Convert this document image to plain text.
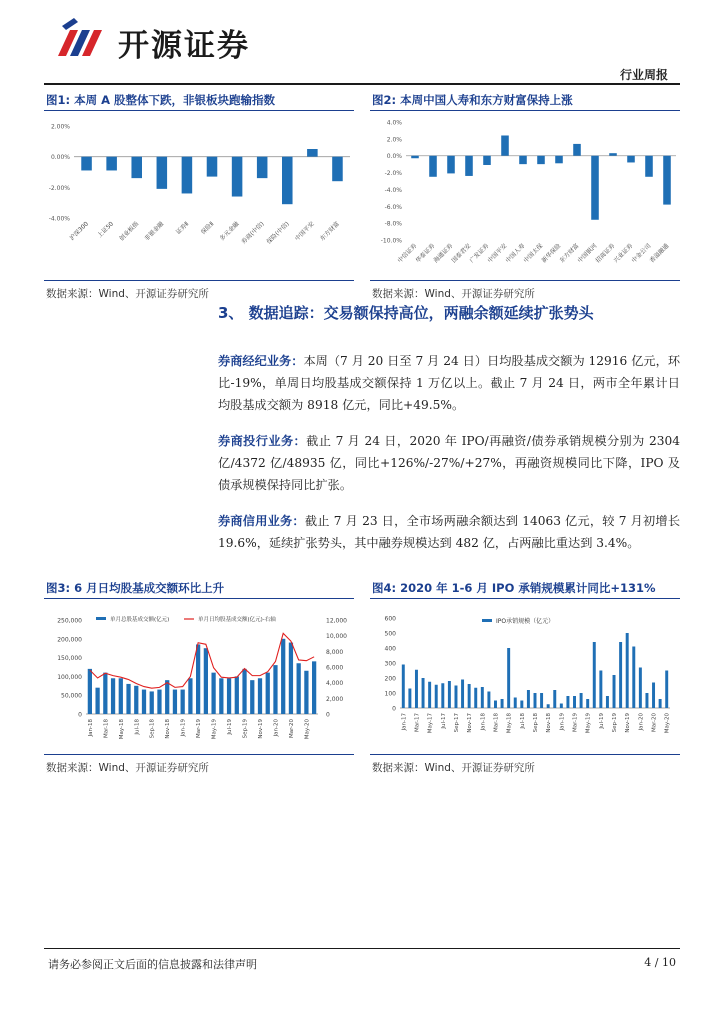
开源证券
行业周报
图1: 本周 A 股整体下跌，非银板块跑输指数
2.00%
0.00%
-2.00%
-4.00%
沪深300 上证50 创业板指 非银金融 证券Ⅱ 保险Ⅱ 多元金融 券商(中信) 保险(中信) 中国平安 东方财富
数据来源：Wind、开源证券研究所
图2: 本周中国人寿和东方财富保持上涨
4.0%
2.0%
0.0%
-2.0%
-4.0%
-6.0%
-8.0%
-10.0%
中信证券
华泰证券
海通证券
国泰君安
广发证券
中国平安
中国人寿
中国太保
新华保险
东方财富
中国银河
招商证券
兴业证券
中金公司
香溢融通
数据来源：Wind、开源证券研究所
3、 数据追踪：交易额保持高位，两融余额延续扩张势头
券商经纪业务：本周（7 月 20 日至 7 月 24 日）日均股基成交额为 12916 亿元，环比-19%，单周日均股基成交额保持 1 万亿以上。截止 7 月 24 日，两市全年累计日均股基成交额为 8918 亿元，同比+49.5%。
券商投行业务：截止 7 月 24 日，2020 年 IPO/再融资/债券承销规模分别为 2304 亿/4372 亿/48935 亿，同比+126%/-27%/+27%，再融资规模同比下降，IPO 及债承规模保持同比扩张。
券商信用业务：截止 7 月 23 日，全市场两融余额达到 14063 亿元，较 7 月初增长 19.6%，延续扩张势头，其中融券规模达到 482 亿，占两融比重达到 3.4%。
图3: 6 月日均股基成交额环比上升
250,000
200,000
150,000
100,000
50,000
0
12,000
10,000
8,000
6,000
4,000
2,000
0
单月总股基成交额(亿元)	单月日均股基成交额(亿元)-右轴
Jan-18 Mar-18 May-18 Jul-18 Sep-18 Nov-18 Jan-19 Mar-19 May-19 Jul-19 Sep-19 Nov-19 Jan-20 Mar-20 May-20
数据来源：Wind、开源证券研究所
图4: 2020 年 1-6 月 IPO 承销规模累计同比+131%
0
100
200
300
400
500
600	IPO承销规模（亿元）
Jan-17 Mar-17 May-17 Jul-17 Sep-17 Nov-17 Jan-18 Mar-18 May-18 Jul-18 Sep-18 Nov-18 Jan-19 Mar-19 May-19 Jul-19 Sep-19 Nov-19 Jan-20 Mar-20 May-20
数据来源：Wind、开源证券研究所
请务必参阅正文后面的信息披露和法律声明	4 / 10
